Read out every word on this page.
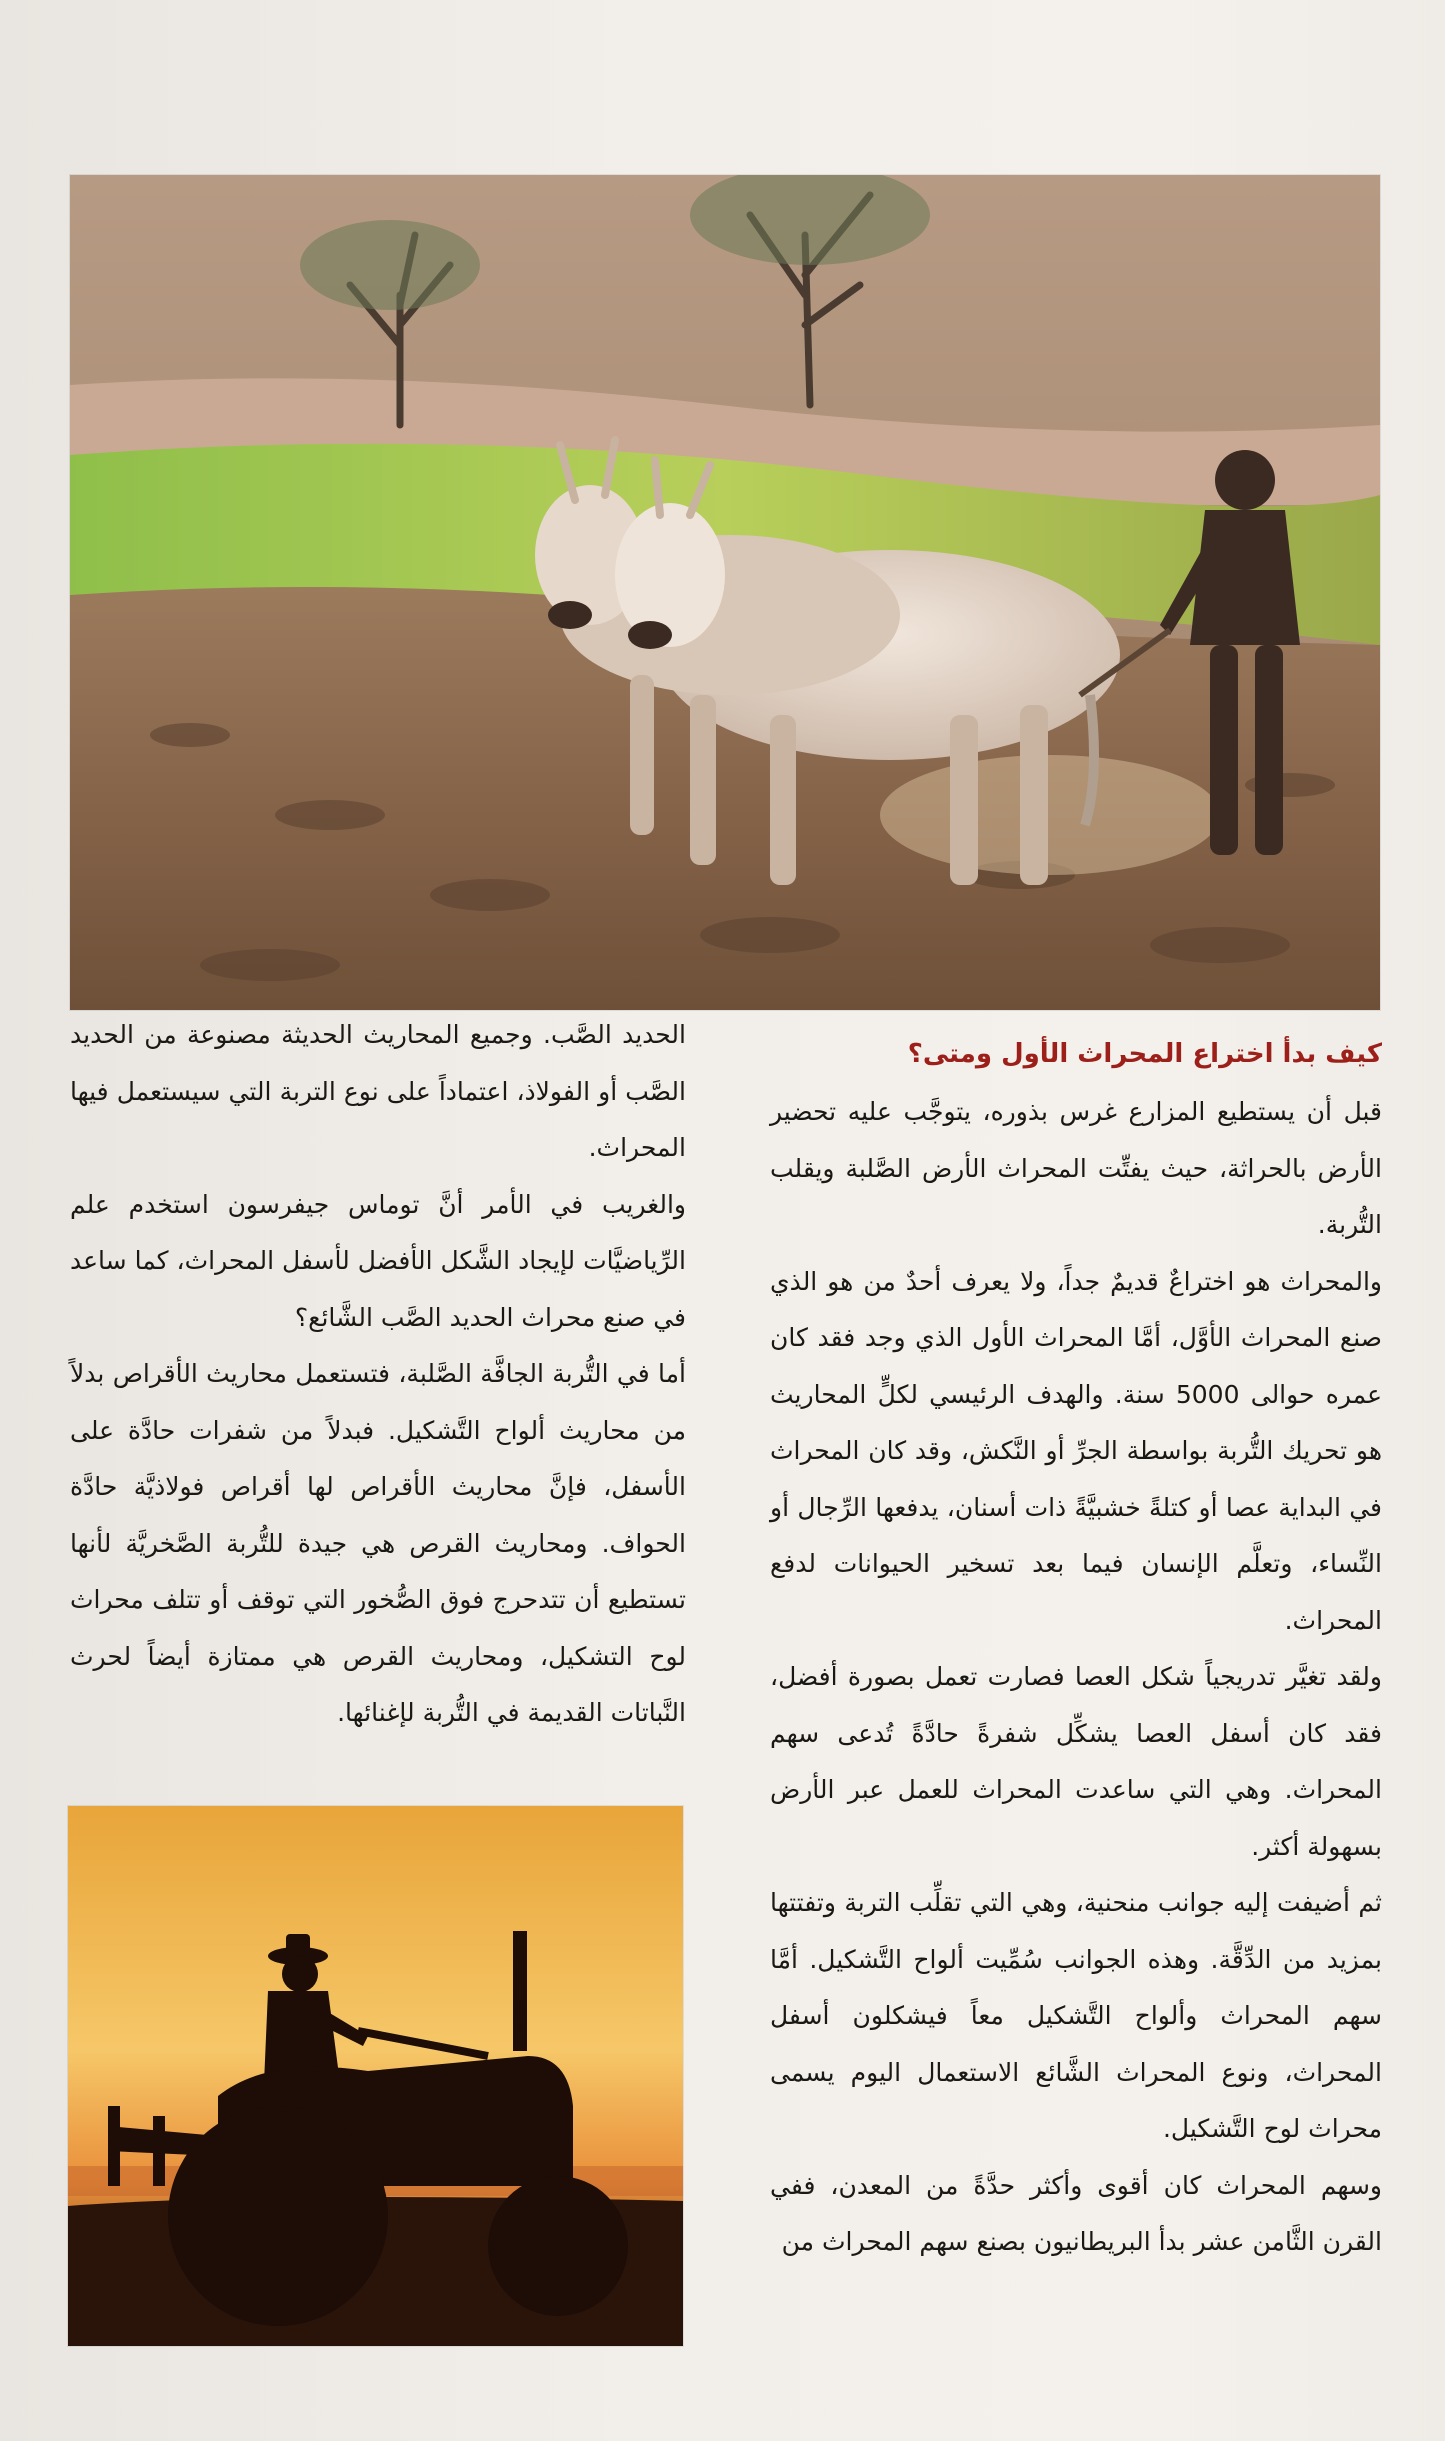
كيف بدأ اختراع المحراث الأول ومتى؟

قبل أن يستطيع المزارع غرس بذوره، يتوجَّب عليه تحضير الأرض بالحراثة، حيث يفتِّت المحراث الأرض الصَّلبة ويقلب التُّربة.

والمحراث هو اختراعٌ قديمٌ جداً، ولا يعرف أحدٌ من هو الذي صنع المحراث الأوَّل، أمَّا المحراث الأول الذي وجد فقد كان عمره حوالى 5000 سنة. والهدف الرئيسي لكلٍّ المحاريث هو تحريك التُّربة بواسطة الجرِّ أو النَّكش، وقد كان المحراث في البداية عصا أو كتلةً خشبيَّةً ذات أسنان، يدفعها الرِّجال أو النِّساء، وتعلَّم الإنسان فيما بعد تسخير الحيوانات لدفع المحراث.

ولقد تغيَّر تدريجياً شكل العصا فصارت تعمل بصورة أفضل، فقد كان أسفل العصا يشكِّل شفرةً حادَّةً تُدعى سهم المحراث. وهي التي ساعدت المحراث للعمل عبر الأرض بسهولة أكثر.

ثم أضيفت إليه جوانب منحنية، وهي التي تقلِّب التربة وتفتتها بمزيد من الدِّقَّة. وهذه الجوانب سُمِّيت ألواح التَّشكيل. أمَّا سهم المحراث وألواح التَّشكيل معاً فيشكلون أسفل المحراث، ونوع المحراث الشَّائع الاستعمال اليوم يسمى محراث لوح التَّشكيل.

وسهم المحراث كان أقوى وأكثر حدَّةً من المعدن، ففي القرن الثَّامن عشر بدأ البريطانيون بصنع سهم المحراث من

الحديد الصَّب. وجميع المحاريث الحديثة مصنوعة من الحديد الصَّب أو الفولاذ، اعتماداً على نوع التربة التي سيستعمل فيها المحراث.

والغريب في الأمر أنَّ توماس جيفرسون استخدم علم الرِّياضيَّات لإيجاد الشَّكل الأفضل لأسفل المحراث، كما ساعد في صنع محراث الحديد الصَّب الشَّائع؟

أما في التُّربة الجافَّة الصَّلبة، فتستعمل محاريث الأقراص بدلاً من محاريث ألواح التَّشكيل. فبدلاً من شفرات حادَّة على الأسفل، فإنَّ محاريث الأقراص لها أقراص فولاذيَّة حادَّة الحواف. ومحاريث القرص هي جيدة للتُّربة الصَّخريَّة لأنها تستطيع أن تتدحرج فوق الصُّخور التي توقف أو تتلف محراث لوح التشكيل، ومحاريث القرص هي ممتازة أيضاً لحرث النَّباتات القديمة في التُّربة لإغنائها.
